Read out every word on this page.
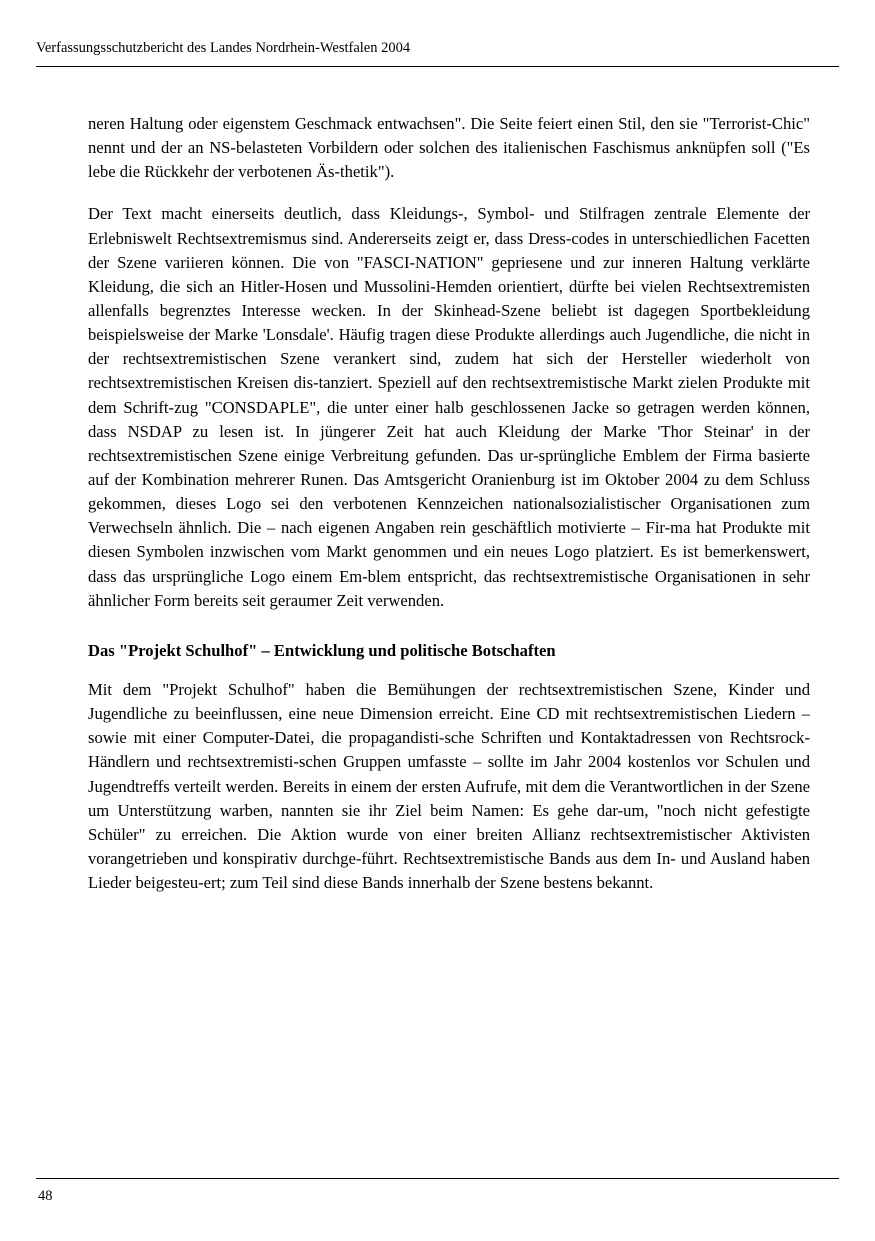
Verfassungsschutzbericht des Landes Nordrhein-Westfalen 2004

neren Haltung oder eigenstem Geschmack entwachsen". Die Seite feiert einen Stil, den sie "Terrorist-Chic" nennt und der an NS-belasteten Vorbildern oder solchen des italienischen Faschismus anknüpfen soll ("Es lebe die Rückkehr der verbotenen Äs-thetik").

Der Text macht einerseits deutlich, dass Kleidungs-, Symbol- und Stilfragen zentrale Elemente der Erlebniswelt Rechtsextremismus sind. Andererseits zeigt er, dass Dress-codes in unterschiedlichen Facetten der Szene variieren können. Die von "FASCI-NATION" gepriesene und zur inneren Haltung verklärte Kleidung, die sich an Hitler-Hosen und Mussolini-Hemden orientiert, dürfte bei vielen Rechtsextremisten allenfalls begrenztes Interesse wecken. In der Skinhead-Szene beliebt ist dagegen Sportbekleidung beispielsweise der Marke 'Lonsdale'. Häufig tragen diese Produkte allerdings auch Jugendliche, die nicht in der rechtsextremistischen Szene verankert sind, zudem hat sich der Hersteller wiederholt von rechtsextremistischen Kreisen dis-tanziert. Speziell auf den rechtsextremistische Markt zielen Produkte mit dem Schrift-zug "CONSDAPLE", die unter einer halb geschlossenen Jacke so getragen werden können, dass NSDAP zu lesen ist. In jüngerer Zeit hat auch Kleidung der Marke 'Thor Steinar' in der rechtsextremistischen Szene einige Verbreitung gefunden. Das ur-sprüngliche Emblem der Firma basierte auf der Kombination mehrerer Runen. Das Amtsgericht Oranienburg ist im Oktober 2004 zu dem Schluss gekommen, dieses Logo sei den verbotenen Kennzeichen nationalsozialistischer Organisationen zum Verwechseln ähnlich. Die – nach eigenen Angaben rein geschäftlich motivierte – Fir-ma hat Produkte mit diesen Symbolen inzwischen vom Markt genommen und ein neues Logo platziert. Es ist bemerkenswert, dass das ursprüngliche Logo einem Em-blem entspricht, das rechtsextremistische Organisationen in sehr ähnlicher Form bereits seit geraumer Zeit verwenden.

Das "Projekt Schulhof" – Entwicklung und politische Botschaften

Mit dem "Projekt Schulhof" haben die Bemühungen der rechtsextremistischen Szene, Kinder und Jugendliche zu beeinflussen, eine neue Dimension erreicht. Eine CD mit rechtsextremistischen Liedern – sowie mit einer Computer-Datei, die propagandisti-sche Schriften und Kontaktadressen von Rechtsrock-Händlern und rechtsextremisti-schen Gruppen umfasste – sollte im Jahr 2004 kostenlos vor Schulen und Jugendtreffs verteilt werden. Bereits in einem der ersten Aufrufe, mit dem die Verantwortlichen in der Szene um Unterstützung warben, nannten sie ihr Ziel beim Namen: Es gehe dar-um, "noch nicht gefestigte Schüler" zu erreichen. Die Aktion wurde von einer breiten Allianz rechtsextremistischer Aktivisten vorangetrieben und konspirativ durchge-führt. Rechtsextremistische Bands aus dem In- und Ausland haben Lieder beigesteu-ert; zum Teil sind diese Bands innerhalb der Szene bestens bekannt.

48
